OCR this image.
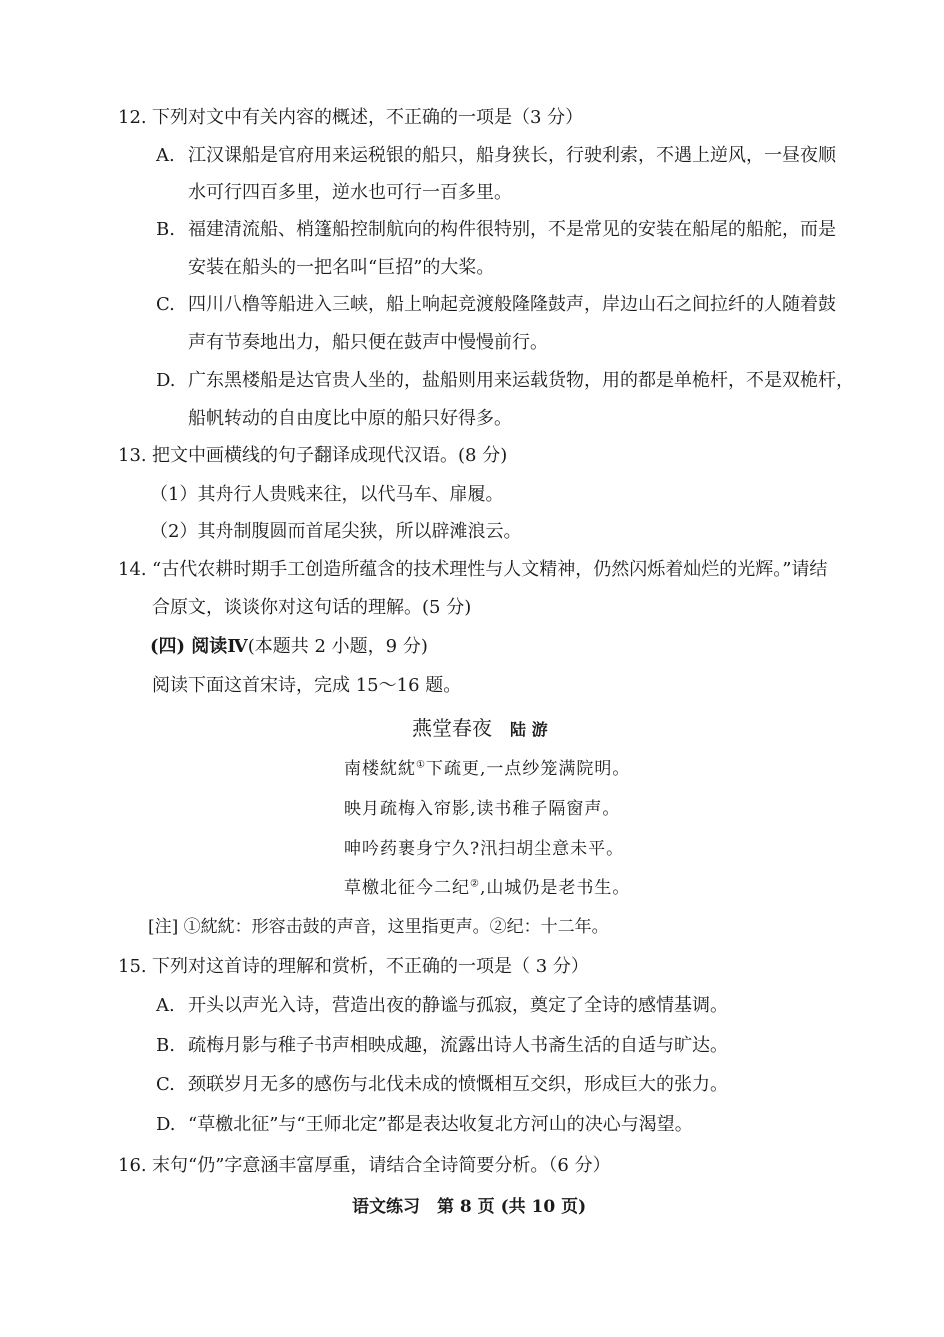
12. 下列对文中有关内容的概述，不正确的一项是（3 分）
A. 江汉课船是官府用来运税银的船只，船身狭长，行驶利索，不遇上逆风，一昼夜顺
水可行四百多里，逆水也可行一百多里。
B. 福建清流船、梢篷船控制航向的构件很特别，不是常见的安装在船尾的船舵，而是
安装在船头的一把名叫“巨招”的大桨。
C. 四川八橹等船进入三峡，船上响起竞渡般隆隆鼓声，岸边山石之间拉纤的人随着鼓
声有节奏地出力，船只便在鼓声中慢慢前行。
D. 广东黑楼船是达官贵人坐的，盐船则用来运载货物，用的都是单桅杆，不是双桅杆，
船帆转动的自由度比中原的船只好得多。
13. 把文中画横线的句子翻译成现代汉语。(8 分)
（1）其舟行人贵贱来往，以代马车、扉履。
（2）其舟制腹圆而首尾尖狭，所以辟滩浪云。
14. “古代农耕时期手工创造所蕴含的技术理性与人文精神，仍然闪烁着灿烂的光辉。”请结
合原文，谈谈你对这句话的理解。(5 分)
(四) 阅读Ⅳ(本题共 2 小题，9 分)
阅读下面这首宋诗，完成 15～16 题。
燕堂春夜 陆 游
南楼紞紞①下疏更,一点纱笼满院明。
映月疏梅入帘影,读书稚子隔窗声。
呻吟药裹身宁久?汛扫胡尘意未平。
草檄北征今二纪②,山城仍是老书生。
[注] ①紞紞：形容击鼓的声音，这里指更声。②纪：十二年。
15. 下列对这首诗的理解和赏析，不正确的一项是（ 3 分）
A. 开头以声光入诗，营造出夜的静谧与孤寂，奠定了全诗的感情基调。
B. 疏梅月影与稚子书声相映成趣，流露出诗人书斋生活的自适与旷达。
C. 颈联岁月无多的感伤与北伐未成的愤慨相互交织，形成巨大的张力。
D. “草檄北征”与“王师北定”都是表达收复北方河山的决心与渴望。
16. 末句“仍”字意涵丰富厚重，请结合全诗简要分析。（6 分）
语文练习　第 8 页 (共 10 页)
